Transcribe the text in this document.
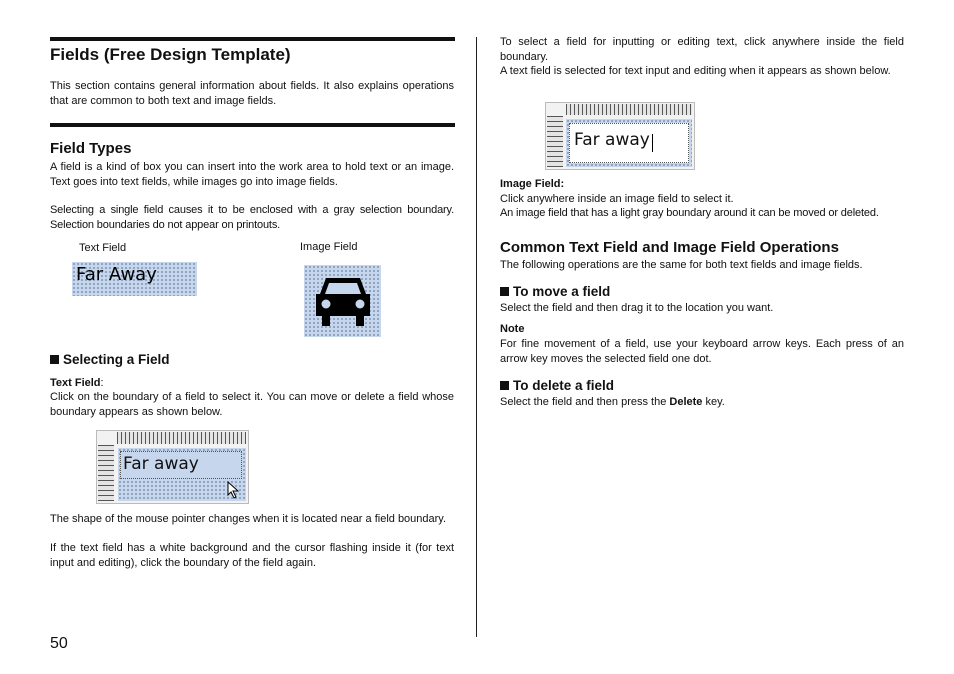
Fields (Free Design Template)
This section contains general information about fields. It also explains operations that are common to both text and image fields.
Field Types
A field is a kind of box you can insert into the work area to hold text or an image. Text goes into text fields, while images go into image fields.
Selecting a single field causes it to be enclosed with a gray selection boundary. Selection boundaries do not appear on printouts.
Text Field	Image Field
Far Away
Selecting a Field
Text Field:
Click on the boundary of a field to select it. You can move or delete a field whose boundary appears as shown below.
Far away
The shape of the mouse pointer changes when it is located near a field boundary.
If the text field has a white background and the cursor flashing inside it (for text input and editing), click the boundary of the field again.
50
To select a field for inputting or editing text, click anywhere inside the field boundary.
A text field is selected for text input and editing when it appears as shown below.
Far away
Image Field:
Click anywhere inside an image field to select it.
An image field that has a light gray boundary around it can be moved or deleted.
Common Text Field and Image Field Operations
The following operations are the same for both text fields and image fields.
To move a field
Select the field and then drag it to the location you want.
Note
For fine movement of a field, use your keyboard arrow keys. Each press of an arrow key moves the selected field one dot.
To delete a field
Select the field and then press the Delete key.
